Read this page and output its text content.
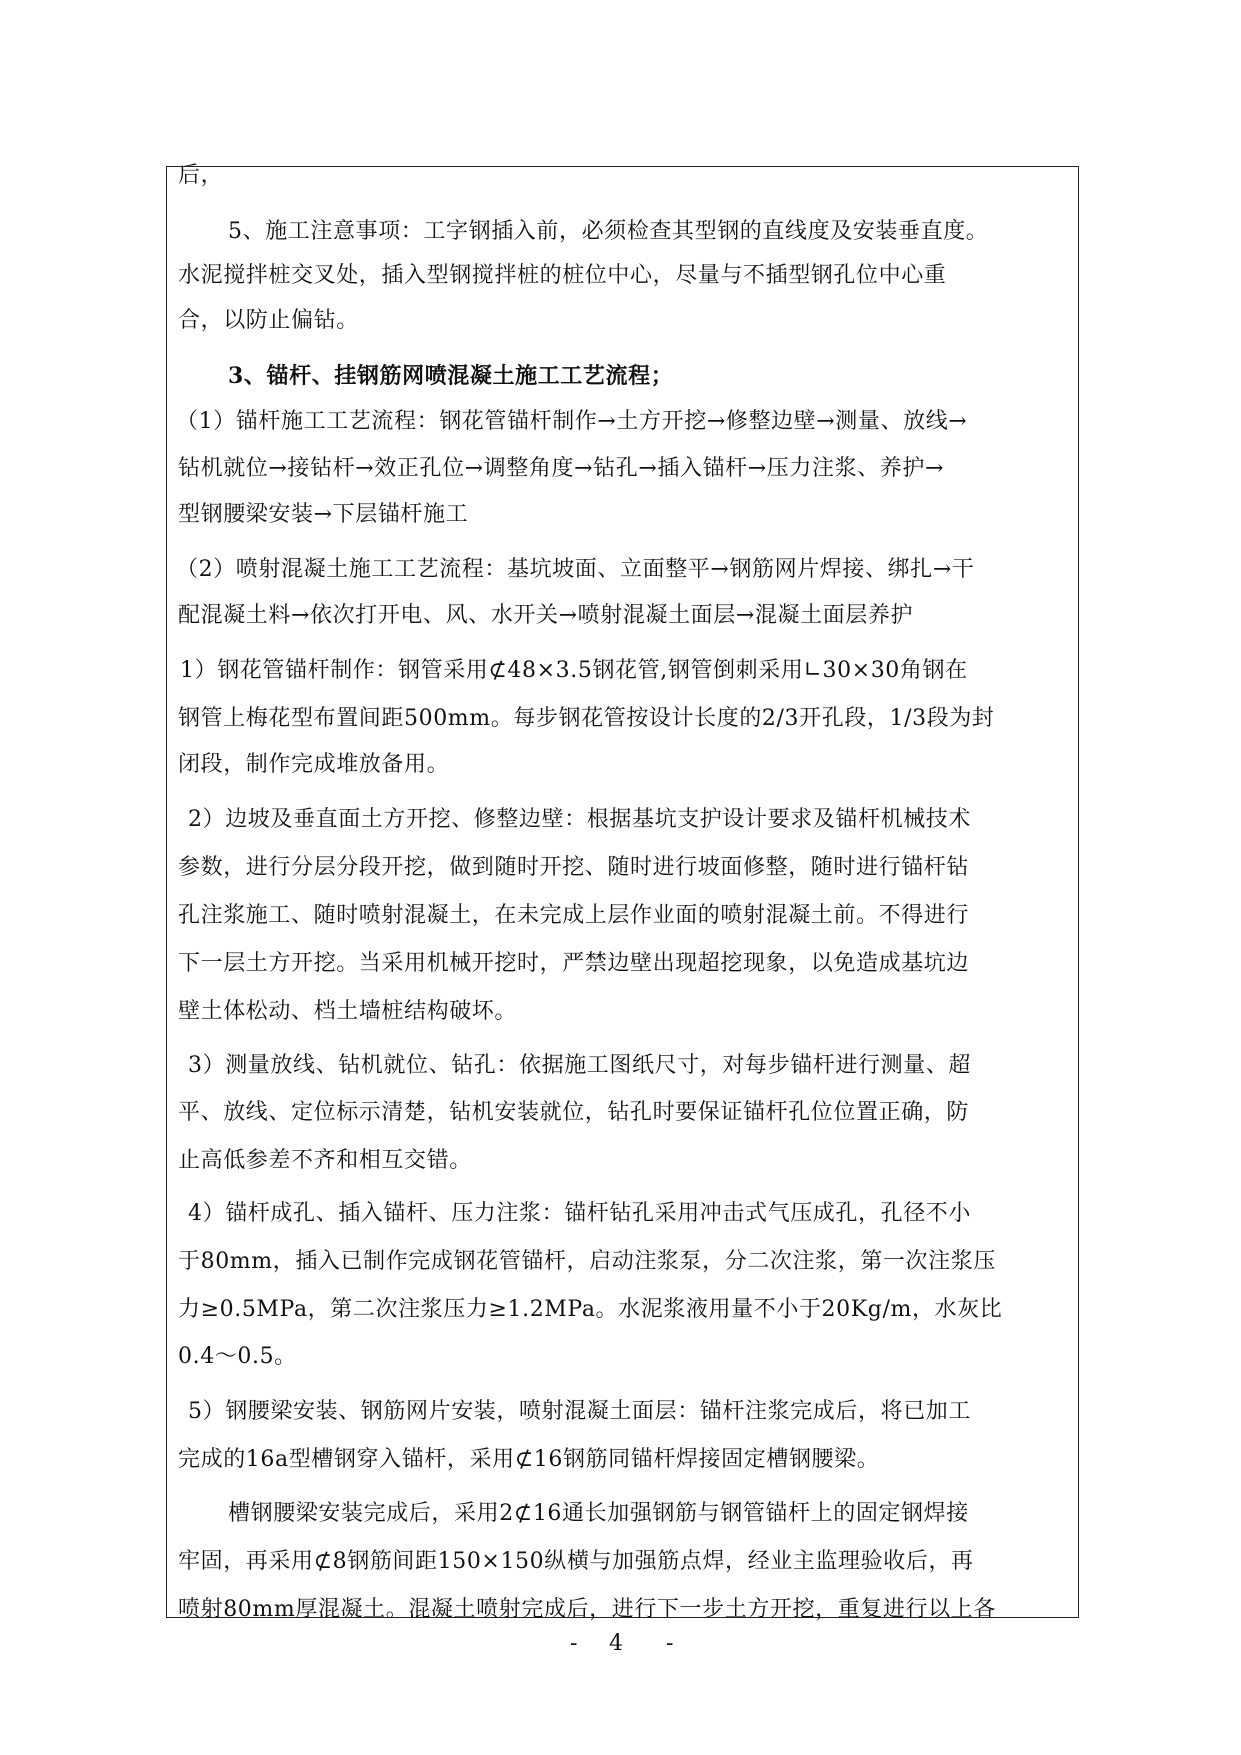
后，
5、施工注意事项：工字钢插入前，必须检查其型钢的直线度及安装垂直度。
水泥搅拌桩交叉处，插入型钢搅拌桩的桩位中心，尽量与不插型钢孔位中心重
合，以防止偏钻。
3、锚杆、挂钢筋网喷混凝土施工工艺流程；
（1）锚杆施工工艺流程：钢花管锚杆制作→土方开挖→修整边壁→测量、放线→
钻机就位→接钻杆→效正孔位→调整角度→钻孔→插入锚杆→压力注浆、养护→
型钢腰梁安装→下层锚杆施工
（2）喷射混凝土施工工艺流程：基坑坡面、立面整平→钢筋网片焊接、绑扎→干
配混凝土料→依次打开电、风、水开关→喷射混凝土面层→混凝土面层养护
1）钢花管锚杆制作：钢管采用⊄48×3.5钢花管,钢管倒刺采用∟30×30角钢在
钢管上梅花型布置间距500mm。每步钢花管按设计长度的2/3开孔段，1/3段为封
闭段，制作完成堆放备用。
2）边坡及垂直面土方开挖、修整边壁：根据基坑支护设计要求及锚杆机械技术
参数，进行分层分段开挖，做到随时开挖、随时进行坡面修整，随时进行锚杆钻
孔注浆施工、随时喷射混凝土，在未完成上层作业面的喷射混凝土前。不得进行
下一层土方开挖。当采用机械开挖时，严禁边壁出现超挖现象，以免造成基坑边
壁土体松动、档土墙桩结构破坏。
3）测量放线、钻机就位、钻孔：依据施工图纸尺寸，对每步锚杆进行测量、超
平、放线、定位标示清楚，钻机安装就位，钻孔时要保证锚杆孔位位置正确，防
止高低参差不齐和相互交错。
4）锚杆成孔、插入锚杆、压力注浆：锚杆钻孔采用冲击式气压成孔，孔径不小
于80mm，插入已制作完成钢花管锚杆，启动注浆泵，分二次注浆，第一次注浆压
力≥0.5MPa，第二次注浆压力≥1.2MPa。水泥浆液用量不小于20Kg/m，水灰比
0.4～0.5。
5）钢腰梁安装、钢筋网片安装，喷射混凝土面层：锚杆注浆完成后，将已加工
完成的16a型槽钢穿入锚杆，采用⊄16钢筋同锚杆焊接固定槽钢腰梁。
槽钢腰梁安装完成后，采用2⊄16通长加强钢筋与钢管锚杆上的固定钢焊接
牢固，再采用⊄8钢筋间距150×150纵横与加强筋点焊，经业主监理验收后，再
喷射80mm厚混凝土。混凝土喷射完成后，进行下一步土方开挖，重复进行以上各
- 4 -
